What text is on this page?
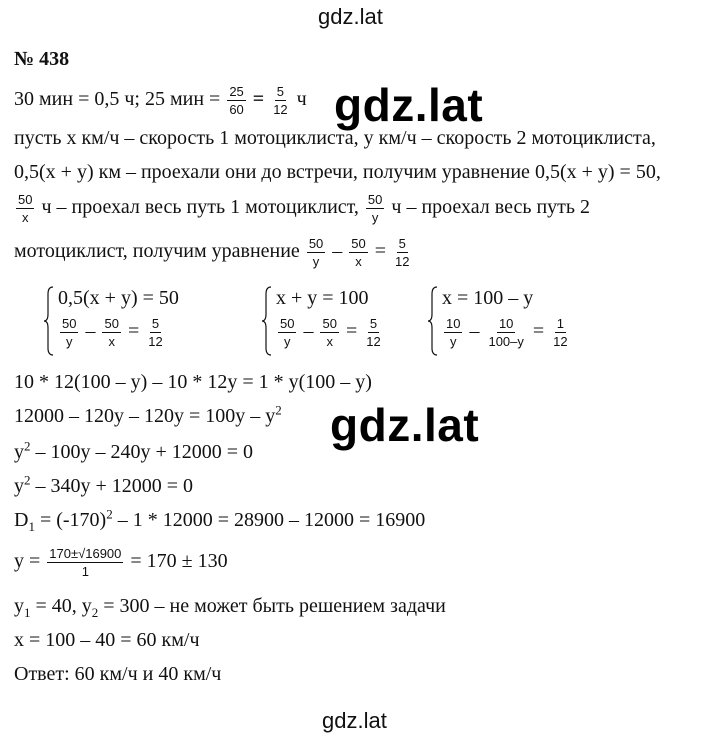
gdz.lat
gdz.lat
gdz.lat
gdz.lat
№ 438
30 мин = 0,5 ч; 25 мин = $\frac{25}{60} = \frac{5}{12}$ ч
пусть x км/ч – скорость 1 мотоциклиста, у км/ч – скорость 2 мотоциклиста,
0,5(x + y) км – проехали они до встречи, получим уравнение 0,5(x + y) = 50,
$\frac{50}{x}$ ч – проехал весь путь 1 мотоциклист, $\frac{50}{y}$ ч – проехал весь путь 2
мотоциклист, получим уравнение $\frac{50}{y} - \frac{50}{x} = \frac{5}{12}$
0,5(x + y) = 50
$\frac{50}{y} - \frac{50}{x} = \frac{5}{12}$
x + y = 100
$\frac{50}{y} - \frac{50}{x} = \frac{5}{12}$
x = 100 – y
$\frac{10}{y} - \frac{10}{100-y} = \frac{1}{12}$
10 * 12(100 – y) – 10 * 12y = 1 * y(100 – y)
$12000 - 120y - 120y = 100y - y^2$
$y^2 - 100y - 240y + 12000 = 0$
$y^2 - 340y + 12000 = 0$
$D_1 = (-170)^2 - 1 * 12000 = 28900 - 12000 = 16900$
$y = \frac{170\pm√16900}{1} = 170 \pm 130$
$y_1 = 40$, $y_2 = 300$ – не может быть решением задачи
x = 100 – 40 = 60 км/ч
Ответ: 60 км/ч и 40 км/ч
